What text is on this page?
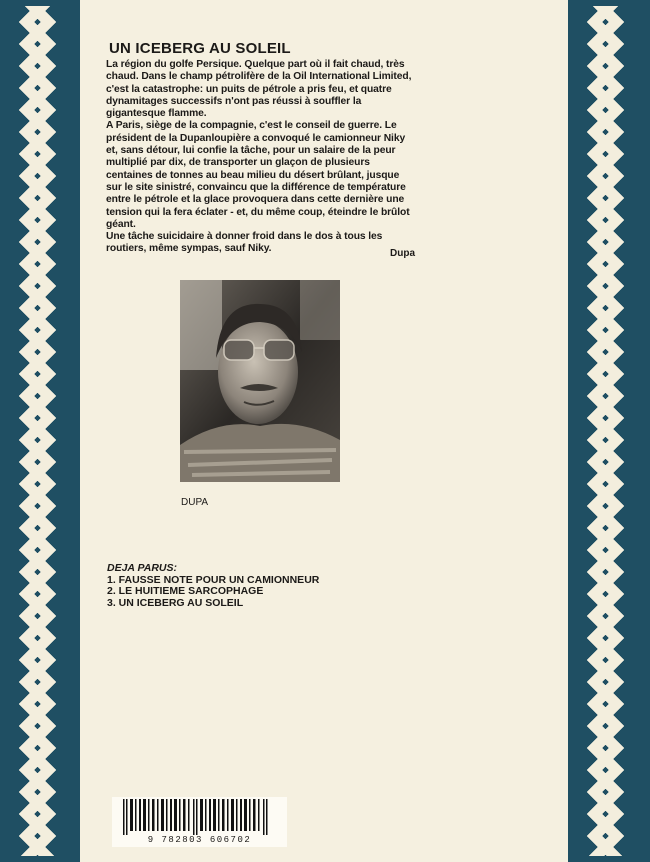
UN ICEBERG AU SOLEIL

La région du golfe Persique. Quelque part où il fait chaud, très chaud. Dans le champ pétrolifère de la Oil International Limited, c'est la catastrophe: un puits de pétrole a pris feu, et quatre dynamitages successifs n'ont pas réussi à souffler la gigantesque flamme.

A Paris, siège de la compagnie, c'est le conseil de guerre. Le président de la Dupanloupière a convoqué le camionneur Niky et, sans détour, lui confie la tâche, pour un salaire de la peur multiplié par dix, de transporter un glaçon de plusieurs centaines de tonnes au beau milieu du désert brûlant, jusque sur le site sinistré, convaincu que la différence de température entre le pétrole et la glace provoquera dans cette dernière une tension qui la fera éclater - et, du même coup, éteindre le brûlot géant.

Une tâche suicidaire à donner froid dans le dos à tous les routiers, même sympas, sauf Niky.	Dupa
DUPA
DEJA PARUS:
1. FAUSSE NOTE POUR UN CAMIONNEUR
2. LE HUITIEME SARCOPHAGE
3. UN ICEBERG AU SOLEIL
9 782803 606702
